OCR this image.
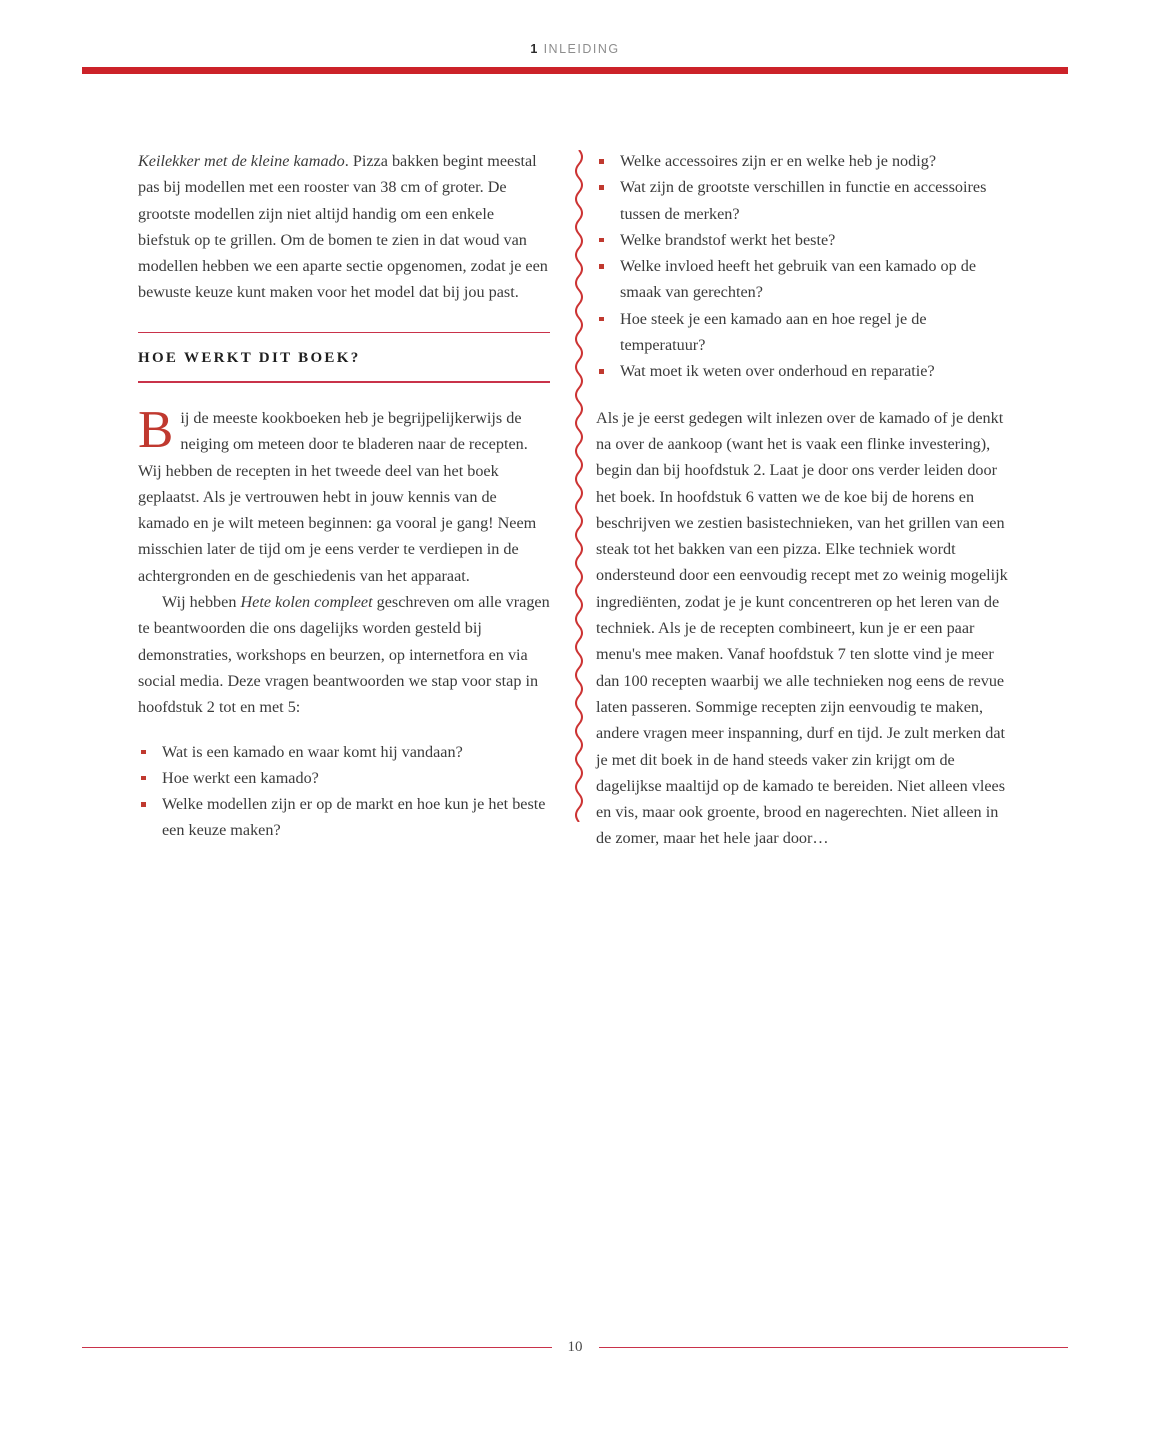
1 INLEIDING

Keilekker met de kleine kamado. Pizza bakken begint meestal pas bij modellen met een rooster van 38 cm of groter. De grootste modellen zijn niet altijd handig om een enkele biefstuk op te grillen. Om de bomen te zien in dat woud van modellen hebben we een aparte sectie opgenomen, zodat je een bewuste keuze kunt maken voor het model dat bij jou past.

HOE WERKT DIT BOEK?

Bij de meeste kookboeken heb je begrijpelijkerwijs de neiging om meteen door te bladeren naar de recepten. Wij hebben de recepten in het tweede deel van het boek geplaatst. Als je vertrouwen hebt in jouw kennis van de kamado en je wilt meteen beginnen: ga vooral je gang! Neem misschien later de tijd om je eens verder te verdiepen in de achtergronden en de geschiedenis van het apparaat.

Wij hebben Hete kolen compleet geschreven om alle vragen te beantwoorden die ons dagelijks worden gesteld bij demonstraties, workshops en beurzen, op internetfora en via social media. Deze vragen beantwoorden we stap voor stap in hoofdstuk 2 tot en met 5:

Wat is een kamado en waar komt hij vandaan?
Hoe werkt een kamado?
Welke modellen zijn er op de markt en hoe kun je het beste een keuze maken?
Welke accessoires zijn er en welke heb je nodig?
Wat zijn de grootste verschillen in functie en accessoires tussen de merken?
Welke brandstof werkt het beste?
Welke invloed heeft het gebruik van een kamado op de smaak van gerechten?
Hoe steek je een kamado aan en hoe regel je de temperatuur?
Wat moet ik weten over onderhoud en reparatie?

Als je je eerst gedegen wilt inlezen over de kamado of je denkt na over de aankoop (want het is vaak een flinke investering), begin dan bij hoofdstuk 2. Laat je door ons verder leiden door het boek. In hoofdstuk 6 vatten we de koe bij de horens en beschrijven we zestien basistechnieken, van het grillen van een steak tot het bakken van een pizza. Elke techniek wordt ondersteund door een eenvoudig recept met zo weinig mogelijk ingrediënten, zodat je je kunt concentreren op het leren van de techniek. Als je de recepten combineert, kun je er een paar menu's mee maken. Vanaf hoofdstuk 7 ten slotte vind je meer dan 100 recepten waarbij we alle technieken nog eens de revue laten passeren. Sommige recepten zijn eenvoudig te maken, andere vragen meer inspanning, durf en tijd. Je zult merken dat je met dit boek in de hand steeds vaker zin krijgt om de dagelijkse maaltijd op de kamado te bereiden. Niet alleen vlees en vis, maar ook groente, brood en nagerechten. Niet alleen in de zomer, maar het hele jaar door…

10
